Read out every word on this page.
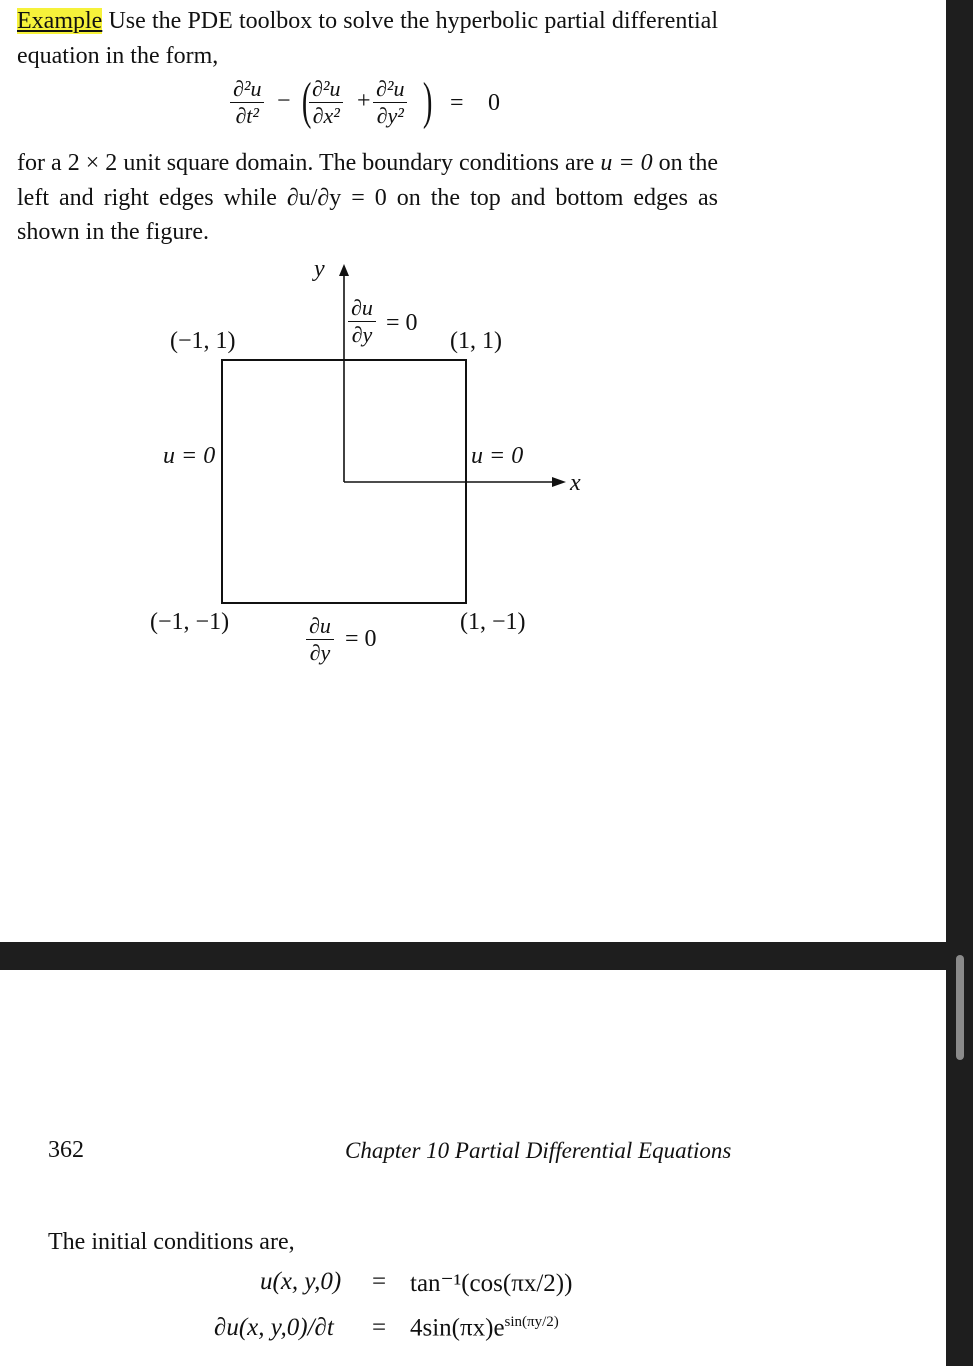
Example Use the PDE toolbox to solve the hyperbolic partial differential equation in the form,

$\frac{\text{∂²u}}{\text{∂t²}}$ − (
$\frac{\text{∂²u}}{\text{∂x²}} + \frac{\text{∂²u}}{\text{∂y²}}$ ) = 0

for a 2 × 2 unit square domain. The boundary conditions are u = 0 on the left and right edges while ∂u/∂y = 0 on the top and bottom edges as shown in the figure.

y
x
(−1, 1)	(1, 1)
(−1, −1)	(1, −1)
u = 0	u = 0
$\frac{\partial u}{\partial y} = 0$
$\frac{\partial u}{\partial y} = 0$
362	Chapter 10 Partial Differential Equations
The initial conditions are,
u(x, y,0) = tan⁻¹(cos(πx/2))
∂u(x, $y,0)/\partial t = 4\sin(\pi x)e^{sin(\pi y/2)}$
